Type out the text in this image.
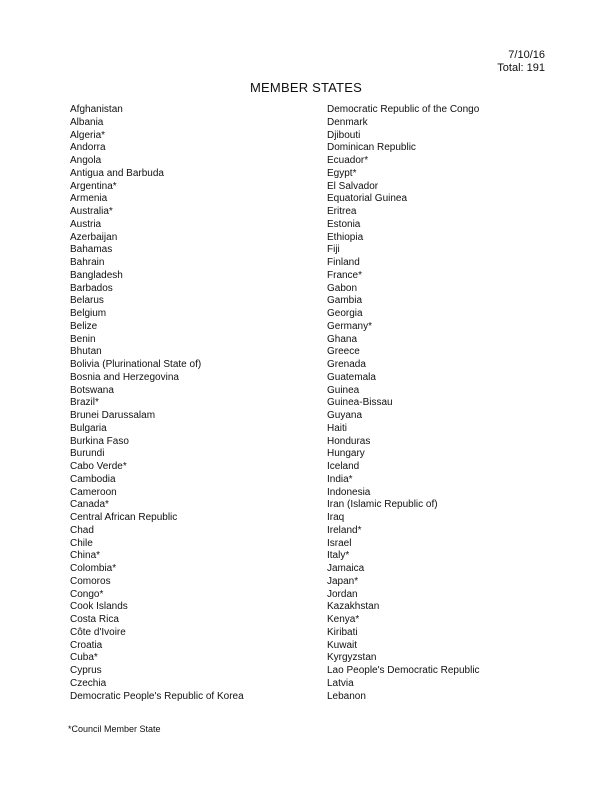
7/10/16
Total: 191
MEMBER STATES
Afghanistan
Albania
Algeria*
Andorra
Angola
Antigua and Barbuda
Argentina*
Armenia
Australia*
Austria
Azerbaijan
Bahamas
Bahrain
Bangladesh
Barbados
Belarus
Belgium
Belize
Benin
Bhutan
Bolivia (Plurinational State of)
Bosnia and Herzegovina
Botswana
Brazil*
Brunei Darussalam
Bulgaria
Burkina Faso
Burundi
Cabo Verde*
Cambodia
Cameroon
Canada*
Central African Republic
Chad
Chile
China*
Colombia*
Comoros
Congo*
Cook Islands
Costa Rica
Côte d'Ivoire
Croatia
Cuba*
Cyprus
Czechia
Democratic People's Republic of Korea
Democratic Republic of the Congo
Denmark
Djibouti
Dominican Republic
Ecuador*
Egypt*
El Salvador
Equatorial Guinea
Eritrea
Estonia
Ethiopia
Fiji
Finland
France*
Gabon
Gambia
Georgia
Germany*
Ghana
Greece
Grenada
Guatemala
Guinea
Guinea-Bissau
Guyana
Haiti
Honduras
Hungary
Iceland
India*
Indonesia
Iran (Islamic Republic of)
Iraq
Ireland*
Israel
Italy*
Jamaica
Japan*
Jordan
Kazakhstan
Kenya*
Kiribati
Kuwait
Kyrgyzstan
Lao People's Democratic Republic
Latvia
Lebanon
*Council Member State
